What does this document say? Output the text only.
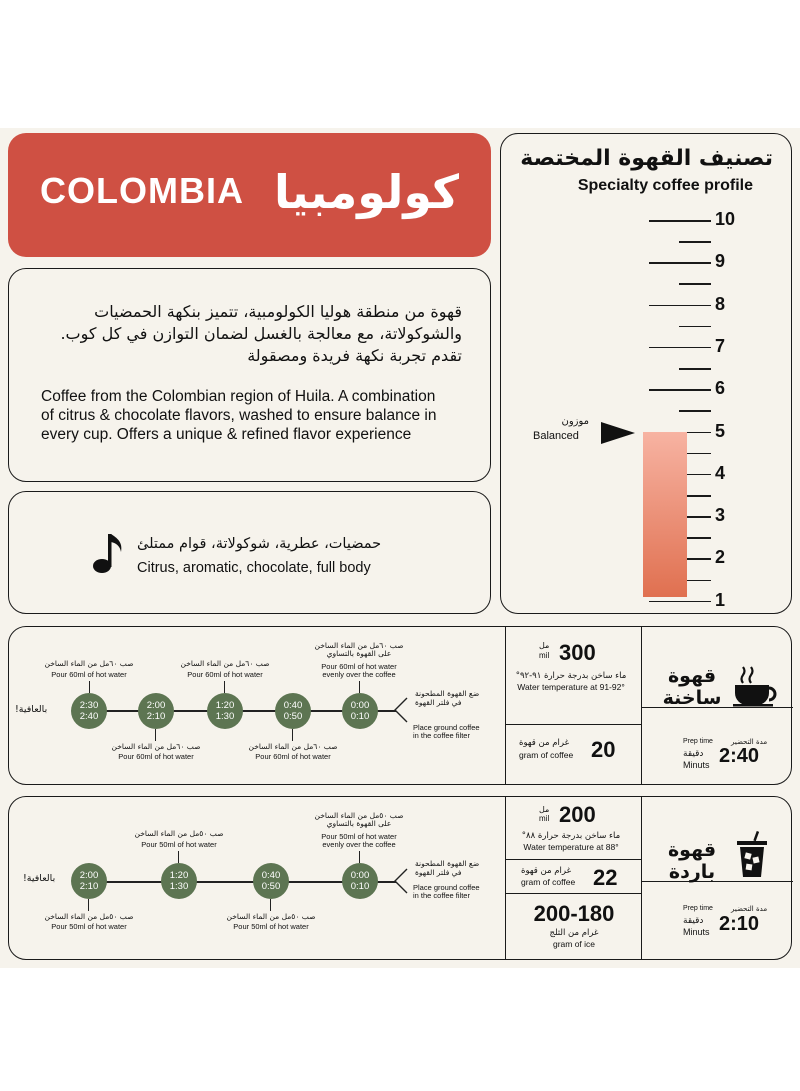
كولومبيا
COLOMBIA
قهوة من منطقة هوليا الكولومبية، تتميز بنكهة الحمضيات
والشوكولاتة، مع معالجة بالغسل لضمان التوازن في كل كوب.
تقدم تجربة نكهة فريدة ومصقولة
Coffee from the Colombian region of Huila. A combination
of citrus & chocolate flavors, washed to ensure balance in
every cup. Offers a unique & refined flavor experience
حمضيات، عطرية، شوكولاتة، قوام ممتلئ
Citrus, aromatic, chocolate, full body
تصنيف القهوة المختصة
Specialty coffee profile
10
9
8
7
6
5
4
3
2
1
موزون
Balanced
قهوة
ساخنة
Prep time	مدة التحضير
دقيقة
Minuts 2:40
مل
mil 300
ماء ساخن بدرجة حرارة ٩١-٩٢°
Water temperature at 91-92°
غرام من قهوة
gram of coffee 20
ضع القهوة المطحونة
في فلتر القهوة
Place ground coffee
in the coffee filter
بالعافية!	0:00
0:10
0:40
0:50
1:20
1:30
2:00
2:10
2:30
2:40
صب ٦٠مل من الماء الساخن
على القهوة بالتساوي
Pour 60ml of hot water
evenly over the coffee
صب ٦٠مل من الماء الساخن
Pour 60ml of hot water
صب ٦٠مل من الماء الساخن
Pour 60ml of hot water
صب ٦٠مل من الماء الساخن
Pour 60ml of hot water
صب ٦٠مل من الماء الساخن
Pour 60ml of hot water
قهوة
باردة
Prep time	مدة التحضير
دقيقة
Minuts 2:10
مل
mil 200
ماء ساخن بدرجة حرارة ٨٨°
Water temperature at 88°
غرام من قهوة
gram of coffee 22
200-180
غرام من الثلج
gram of ice
ضع القهوة المطحونة
في فلتر القهوة
Place ground coffee
in the coffee filter
بالعافية!	0:00
0:10
0:40
0:50
1:20
1:30
2:00
2:10
صب ٥٠مل من الماء الساخن
على القهوة بالتساوي
Pour 50ml of hot water
evenly over the coffee
صب ٥٠مل من الماء الساخن
Pour 50ml of hot water
صب ٥٠مل من الماء الساخن
Pour 50ml of hot water
صب ٥٠مل من الماء الساخن
Pour 50ml of hot water
